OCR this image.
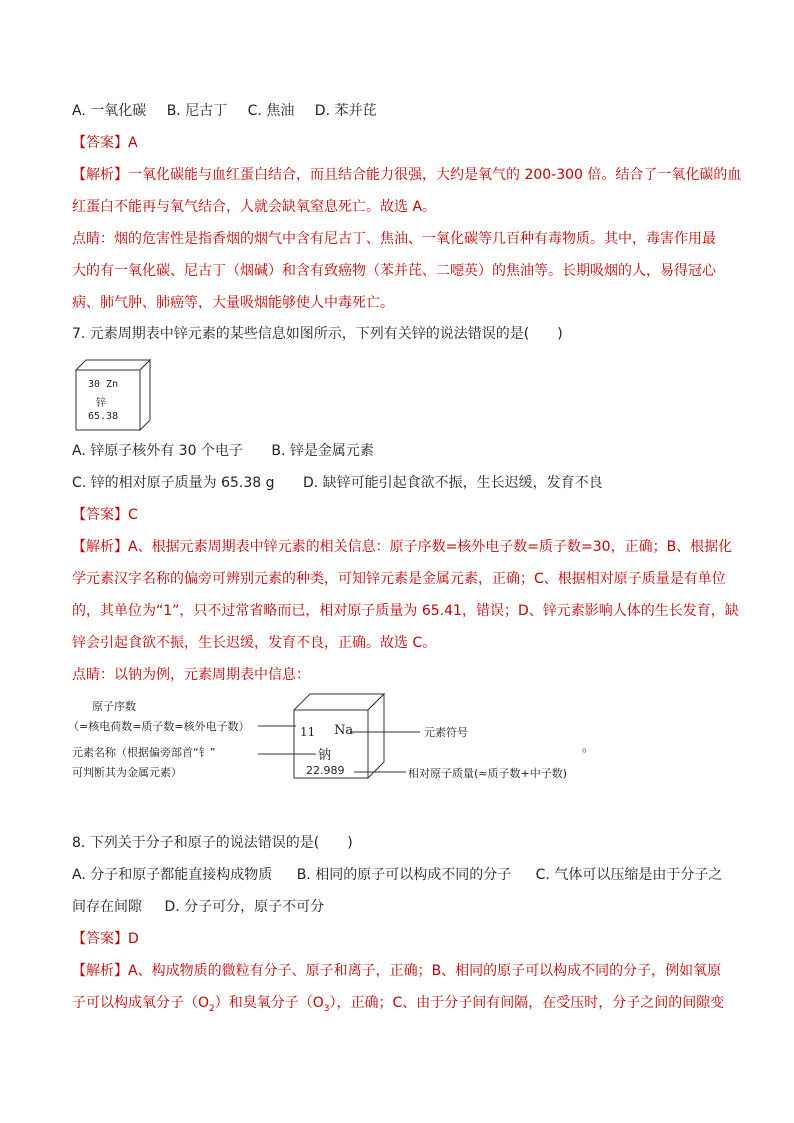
A. 一氧化碳 B. 尼古丁 C. 焦油 D. 苯并芘
【答案】A
【解析】一氧化碳能与血红蛋白结合，而且结合能力很强，大约是氧气的 200-300 倍。结合了一氧化碳的血
红蛋白不能再与氧气结合，人就会缺氧窒息死亡。故选 A。
点睛：烟的危害性是指香烟的烟气中含有尼古丁、焦油、一氧化碳等几百种有毒物质。其中，毒害作用最
大的有一氧化碳、尼古丁（烟碱）和含有致癌物（苯并芘、二噁英）的焦油等。长期吸烟的人，易得冠心
病、肺气肿、肺癌等，大量吸烟能够使人中毒死亡。
7. 元素周期表中锌元素的某些信息如图所示，下列有关锌的说法错误的是(　　)
30 Zn
锌
65.38
A. 锌原子核外有 30 个电子 B. 锌是金属元素
C. 锌的相对原子质量为 65.38 g D. 缺锌可能引起食欲不振，生长迟缓，发育不良
【答案】C
【解析】A、根据元素周期表中锌元素的相关信息：原子序数=核外电子数=质子数=30，正确；B、根据化
学元素汉字名称的偏旁可辨别元素的种类，可知锌元素是金属元素，正确；C、根据相对原子质量是有单位
的，其单位为“1”，只不过常省略而已，相对原子质量为 65.41，错误；D、锌元素影响人体的生长发育，缺
锌会引起食欲不振，生长迟缓，发育不良，正确。故选 C。
点睛：以钠为例，元素周期表中信息：
原子序数
（=核电荷数=质子数=核外电子数）
元素名称（根据偏旁部首“钅”
可判断其为金属元素）
11 Na
钠
22.989
元素符号
相对原子质量(≈质子数+中子数)
。
8. 下列关于分子和原子的说法错误的是(　　)
A. 分子和原子都能直接构成物质 B. 相同的原子可以构成不同的分子 C. 气体可以压缩是由于分子之
间存在间隙 D. 分子可分，原子不可分
【答案】D
【解析】A、构成物质的微粒有分子、原子和离子，正确；B、相同的原子可以构成不同的分子，例如氧原
子可以构成氧分子$(O_2)$和臭氧分子$(O_3)$，正确；C、由于分子间有间隔，在受压时，分子之间的间隙变
